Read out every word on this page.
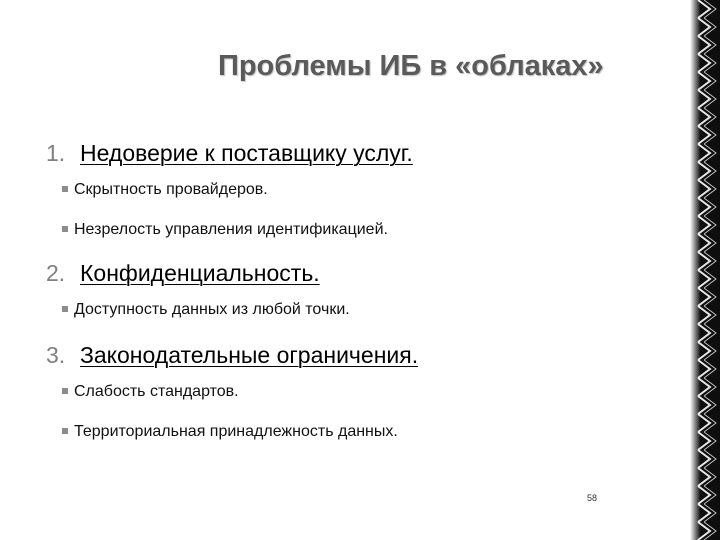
Проблемы ИБ в «облаках»
1. Недоверие к поставщику услуг.
Скрытность провайдеров.
Незрелость управления идентификацией.
2. Конфиденциальность.
Доступность данных из любой точки.
3. Законодательные ограничения.
Слабость стандартов.
Территориальная принадлежность данных.
58
